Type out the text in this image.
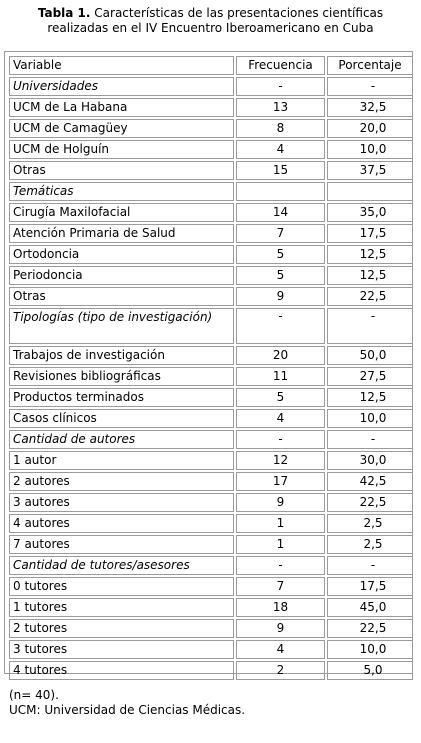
Tabla 1. Características de las presentaciones científicas
realizadas en el IV Encuentro Iberoamericano en Cuba
Variable	Frecuencia	Porcentaje
Universidades	-	-
UCM de La Habana	13	32,5
UCM de Camagüey	8	20,0
UCM de Holguín	4	10,0
Otras	15	37,5
Temáticas		
Cirugía Maxilofacial	14	35,0
Atención Primaria de Salud	7	17,5
Ortodoncia	5	12,5
Periodoncia	5	12,5
Otras	9	22,5
Tipologías (tipo de investigación)	-	-
Trabajos de investigación	20	50,0
Revisiones bibliográficas	11	27,5
Productos terminados	5	12,5
Casos clínicos	4	10,0
Cantidad de autores	-	-
1 autor	12	30,0
2 autores	17	42,5
3 autores	9	22,5
4 autores	1	2,5
7 autores	1	2,5
Cantidad de tutores/asesores	-	-
0 tutores	7	17,5
1 tutores	18	45,0
2 tutores	9	22,5
3 tutores	4	10,0
4 tutores	2	5,0
(n= 40).
UCM: Universidad de Ciencias Médicas.
